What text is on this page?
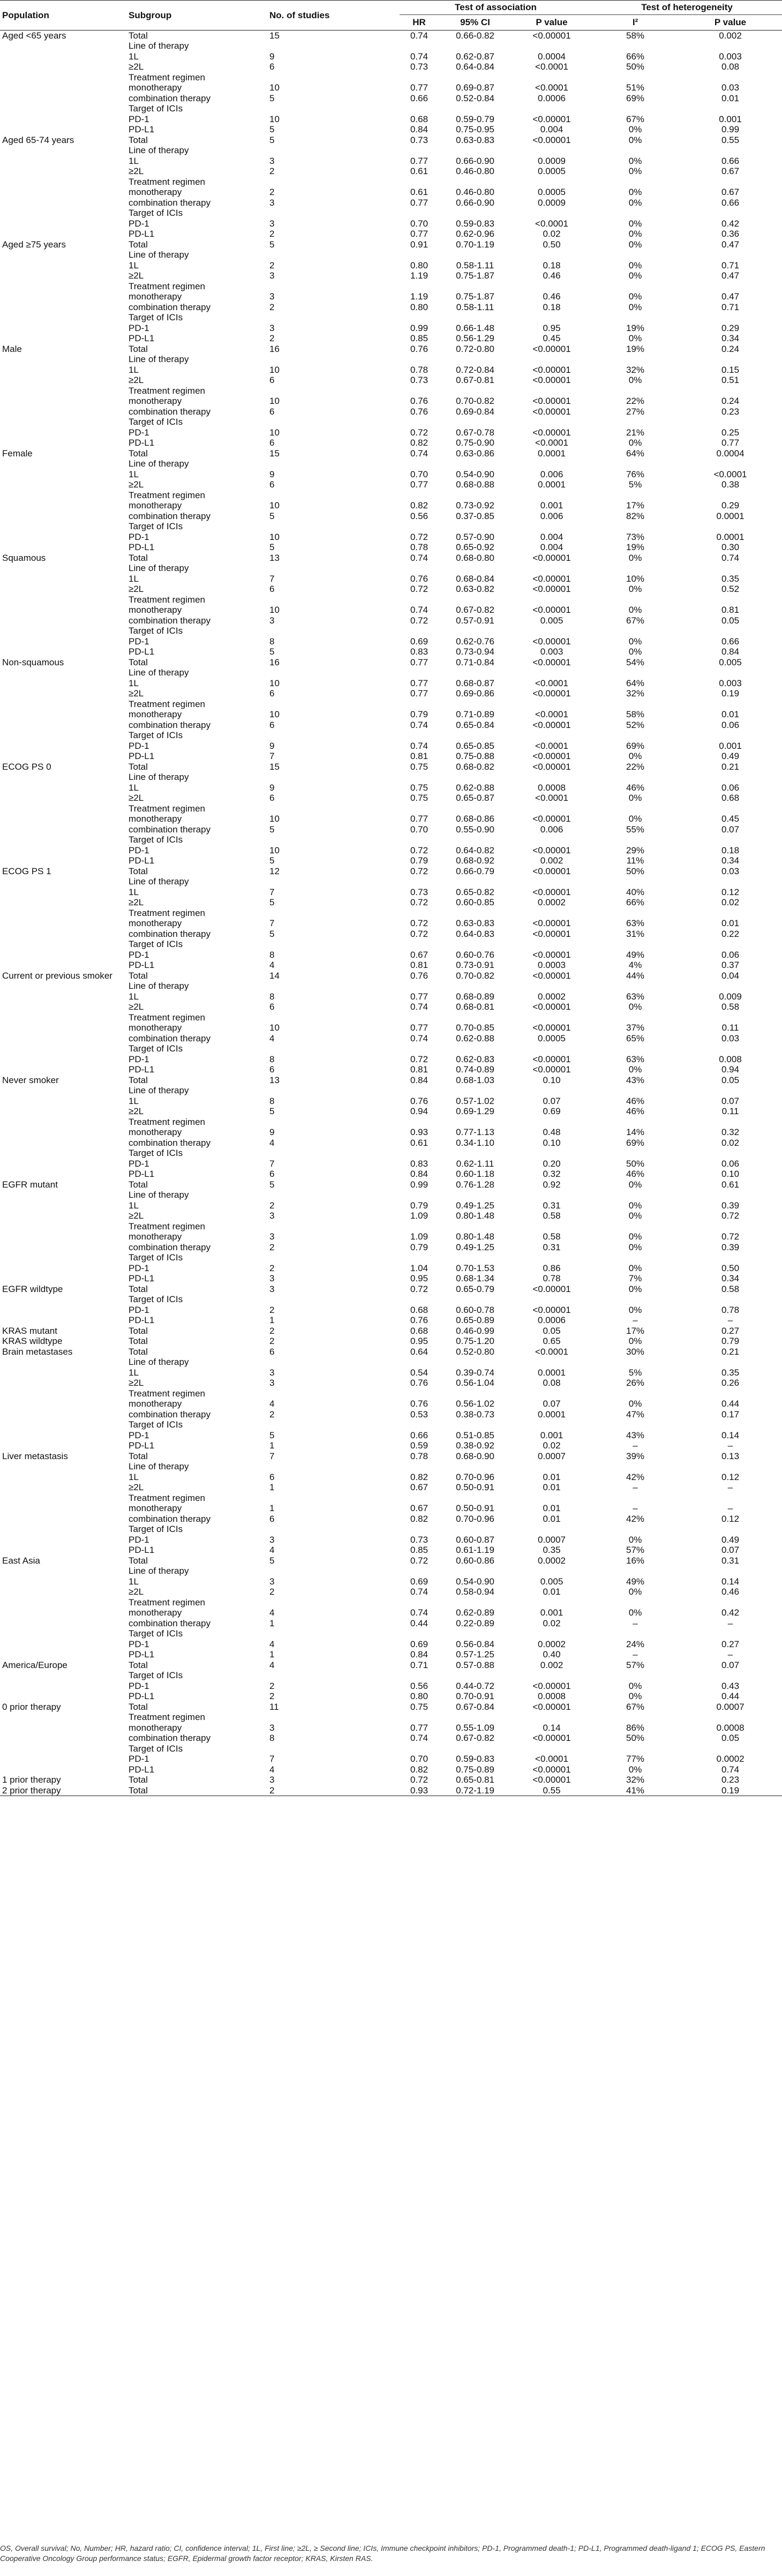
Population	Subgroup	No. of studies	Test of association			Test of heterogeneity	
			HR	95% CI	P value	I²	P value
Aged <65 years	Total	15	0.74	0.66-0.82	<0.00001	58%	0.002
	Line of therapy						
	1L	9	0.74	0.62-0.87	0.0004	66%	0.003
	≥2L	6	0.73	0.64-0.84	<0.0001	50%	0.08
	Treatment regimen						
	monotherapy	10	0.77	0.69-0.87	<0.0001	51%	0.03
	combination therapy	5	0.66	0.52-0.84	0.0006	69%	0.01
	Target of ICIs						
	PD-1	10	0.68	0.59-0.79	<0.00001	67%	0.001
	PD-L1	5	0.84	0.75-0.95	0.004	0%	0.99
Aged 65-74 years	Total	5	0.73	0.63-0.83	<0.00001	0%	0.55
	Line of therapy						
	1L	3	0.77	0.66-0.90	0.0009	0%	0.66
	≥2L	2	0.61	0.46-0.80	0.0005	0%	0.67
	Treatment regimen						
	monotherapy	2	0.61	0.46-0.80	0.0005	0%	0.67
	combination therapy	3	0.77	0.66-0.90	0.0009	0%	0.66
	Target of ICIs						
	PD-1	3	0.70	0.59-0.83	<0.0001	0%	0.42
	PD-L1	2	0.77	0.62-0.96	0.02	0%	0.36
Aged ≥75 years	Total	5	0.91	0.70-1.19	0.50	0%	0.47
	Line of therapy						
	1L	2	0.80	0.58-1.11	0.18	0%	0.71
	≥2L	3	1.19	0.75-1.87	0.46	0%	0.47
	Treatment regimen						
	monotherapy	3	1.19	0.75-1.87	0.46	0%	0.47
	combination therapy	2	0.80	0.58-1.11	0.18	0%	0.71
	Target of ICIs						
	PD-1	3	0.99	0.66-1.48	0.95	19%	0.29
	PD-L1	2	0.85	0.56-1.29	0.45	0%	0.34
Male	Total	16	0.76	0.72-0.80	<0.00001	19%	0.24
	Line of therapy						
	1L	10	0.78	0.72-0.84	<0.00001	32%	0.15
	≥2L	6	0.73	0.67-0.81	<0.00001	0%	0.51
	Treatment regimen						
	monotherapy	10	0.76	0.70-0.82	<0.00001	22%	0.24
	combination therapy	6	0.76	0.69-0.84	<0.00001	27%	0.23
	Target of ICIs						
	PD-1	10	0.72	0.67-0.78	<0.00001	21%	0.25
	PD-L1	6	0.82	0.75-0.90	<0.0001	0%	0.77
Female	Total	15	0.74	0.63-0.86	0.0001	64%	0.0004
	Line of therapy						
	1L	9	0.70	0.54-0.90	0.006	76%	<0.0001
	≥2L	6	0.77	0.68-0.88	0.0001	5%	0.38
	Treatment regimen						
	monotherapy	10	0.82	0.73-0.92	0.001	17%	0.29
	combination therapy	5	0.56	0.37-0.85	0.006	82%	0.0001
	Target of ICIs						
	PD-1	10	0.72	0.57-0.90	0.004	73%	0.0001
	PD-L1	5	0.78	0.65-0.92	0.004	19%	0.30
Squamous	Total	13	0.74	0.68-0.80	<0.00001	0%	0.74
	Line of therapy						
	1L	7	0.76	0.68-0.84	<0.00001	10%	0.35
	≥2L	6	0.72	0.63-0.82	<0.00001	0%	0.52
	Treatment regimen						
	monotherapy	10	0.74	0.67-0.82	<0.00001	0%	0.81
	combination therapy	3	0.72	0.57-0.91	0.005	67%	0.05
	Target of ICIs						
	PD-1	8	0.69	0.62-0.76	<0.00001	0%	0.66
	PD-L1	5	0.83	0.73-0.94	0.003	0%	0.84
Non-squamous	Total	16	0.77	0.71-0.84	<0.00001	54%	0.005
	Line of therapy						
	1L	10	0.77	0.68-0.87	<0.0001	64%	0.003
	≥2L	6	0.77	0.69-0.86	<0.00001	32%	0.19
	Treatment regimen						
	monotherapy	10	0.79	0.71-0.89	<0.0001	58%	0.01
	combination therapy	6	0.74	0.65-0.84	<0.00001	52%	0.06
	Target of ICIs						
	PD-1	9	0.74	0.65-0.85	<0.0001	69%	0.001
	PD-L1	7	0.81	0.75-0.88	<0.00001	0%	0.49
ECOG PS 0	Total	15	0.75	0.68-0.82	<0.00001	22%	0.21
	Line of therapy						
	1L	9	0.75	0.62-0.88	0.0008	46%	0.06
	≥2L	6	0.75	0.65-0.87	<0.0001	0%	0.68
	Treatment regimen						
	monotherapy	10	0.77	0.68-0.86	<0.00001	0%	0.45
	combination therapy	5	0.70	0.55-0.90	0.006	55%	0.07
	Target of ICIs						
	PD-1	10	0.72	0.64-0.82	<0.00001	29%	0.18
	PD-L1	5	0.79	0.68-0.92	0.002	11%	0.34
ECOG PS 1	Total	12	0.72	0.66-0.79	<0.00001	50%	0.03
	Line of therapy						
	1L	7	0.73	0.65-0.82	<0.00001	40%	0.12
	≥2L	5	0.72	0.60-0.85	0.0002	66%	0.02
	Treatment regimen						
	monotherapy	7	0.72	0.63-0.83	<0.00001	63%	0.01
	combination therapy	5	0.72	0.64-0.83	<0.00001	31%	0.22
	Target of ICIs						
	PD-1	8	0.67	0.60-0.76	<0.00001	49%	0.06
	PD-L1	4	0.81	0.73-0.91	0.0003	4%	0.37
Current or previous smoker	Total	14	0.76	0.70-0.82	<0.00001	44%	0.04
	Line of therapy						
	1L	8	0.77	0.68-0.89	0.0002	63%	0.009
	≥2L	6	0.74	0.68-0.81	<0.00001	0%	0.58
	Treatment regimen						
	monotherapy	10	0.77	0.70-0.85	<0.00001	37%	0.11
	combination therapy	4	0.74	0.62-0.88	0.0005	65%	0.03
	Target of ICIs						
	PD-1	8	0.72	0.62-0.83	<0.00001	63%	0.008
	PD-L1	6	0.81	0.74-0.89	<0.00001	0%	0.94
Never smoker	Total	13	0.84	0.68-1.03	0.10	43%	0.05
	Line of therapy						
	1L	8	0.76	0.57-1.02	0.07	46%	0.07
	≥2L	5	0.94	0.69-1.29	0.69	46%	0.11
	Treatment regimen						
	monotherapy	9	0.93	0.77-1.13	0.48	14%	0.32
	combination therapy	4	0.61	0.34-1.10	0.10	69%	0.02
	Target of ICIs						
	PD-1	7	0.83	0.62-1.11	0.20	50%	0.06
	PD-L1	6	0.84	0.60-1.18	0.32	46%	0.10
EGFR mutant	Total	5	0.99	0.76-1.28	0.92	0%	0.61
	Line of therapy						
	1L	2	0.79	0.49-1.25	0.31	0%	0.39
	≥2L	3	1.09	0.80-1.48	0.58	0%	0.72
	Treatment regimen						
	monotherapy	3	1.09	0.80-1.48	0.58	0%	0.72
	combination therapy	2	0.79	0.49-1.25	0.31	0%	0.39
	Target of ICIs						
	PD-1	2	1.04	0.70-1.53	0.86	0%	0.50
	PD-L1	3	0.95	0.68-1.34	0.78	7%	0.34
EGFR wildtype	Total	3	0.72	0.65-0.79	<0.00001	0%	0.58
	Target of ICIs						
	PD-1	2	0.68	0.60-0.78	<0.00001	0%	0.78
	PD-L1	1	0.76	0.65-0.89	0.0006	–	–
KRAS mutant	Total	2	0.68	0.46-0.99	0.05	17%	0.27
KRAS wildtype	Total	2	0.95	0.75-1.20	0.65	0%	0.79
Brain metastases	Total	6	0.64	0.52-0.80	<0.0001	30%	0.21
	Line of therapy						
	1L	3	0.54	0.39-0.74	0.0001	5%	0.35
	≥2L	3	0.76	0.56-1.04	0.08	26%	0.26
	Treatment regimen						
	monotherapy	4	0.76	0.56-1.02	0.07	0%	0.44
	combination therapy	2	0.53	0.38-0.73	0.0001	47%	0.17
	Target of ICIs						
	PD-1	5	0.66	0.51-0.85	0.001	43%	0.14
	PD-L1	1	0.59	0.38-0.92	0.02	–	–
Liver metastasis	Total	7	0.78	0.68-0.90	0.0007	39%	0.13
	Line of therapy						
	1L	6	0.82	0.70-0.96	0.01	42%	0.12
	≥2L	1	0.67	0.50-0.91	0.01	–	–
	Treatment regimen						
	monotherapy	1	0.67	0.50-0.91	0.01	–	–
	combination therapy	6	0.82	0.70-0.96	0.01	42%	0.12
	Target of ICIs						
	PD-1	3	0.73	0.60-0.87	0.0007	0%	0.49
	PD-L1	4	0.85	0.61-1.19	0.35	57%	0.07
East Asia	Total	5	0.72	0.60-0.86	0.0002	16%	0.31
	Line of therapy						
	1L	3	0.69	0.54-0.90	0.005	49%	0.14
	≥2L	2	0.74	0.58-0.94	0.01	0%	0.46
	Treatment regimen						
	monotherapy	4	0.74	0.62-0.89	0.001	0%	0.42
	combination therapy	1	0.44	0.22-0.89	0.02	–	–
	Target of ICIs						
	PD-1	4	0.69	0.56-0.84	0.0002	24%	0.27
	PD-L1	1	0.84	0.57-1.25	0.40	–	–
America/Europe	Total	4	0.71	0.57-0.88	0.002	57%	0.07
	Target of ICIs						
	PD-1	2	0.56	0.44-0.72	<0.00001	0%	0.43
	PD-L1	2	0.80	0.70-0.91	0.0008	0%	0.44
0 prior therapy	Total	11	0.75	0.67-0.84	<0.00001	67%	0.0007
	Treatment regimen						
	monotherapy	3	0.77	0.55-1.09	0.14	86%	0.0008
	combination therapy	8	0.74	0.67-0.82	<0.00001	50%	0.05
	Target of ICIs						
	PD-1	7	0.70	0.59-0.83	<0.0001	77%	0.0002
	PD-L1	4	0.82	0.75-0.89	<0.00001	0%	0.74
1 prior therapy	Total	3	0.72	0.65-0.81	<0.00001	32%	0.23
2 prior therapy	Total	2	0.93	0.72-1.19	0.55	41%	0.19
OS, Overall survival; No, Number; HR, hazard ratio; CI, confidence interval; 1L, First line; ≥2L, ≥ Second line; ICIs, Immune checkpoint inhibitors; PD-1, Programmed death-1; PD-L1, Programmed death-ligand 1; ECOG PS, Eastern Cooperative Oncology Group performance status; EGFR, Epidermal growth factor receptor; KRAS, Kirsten RAS.
